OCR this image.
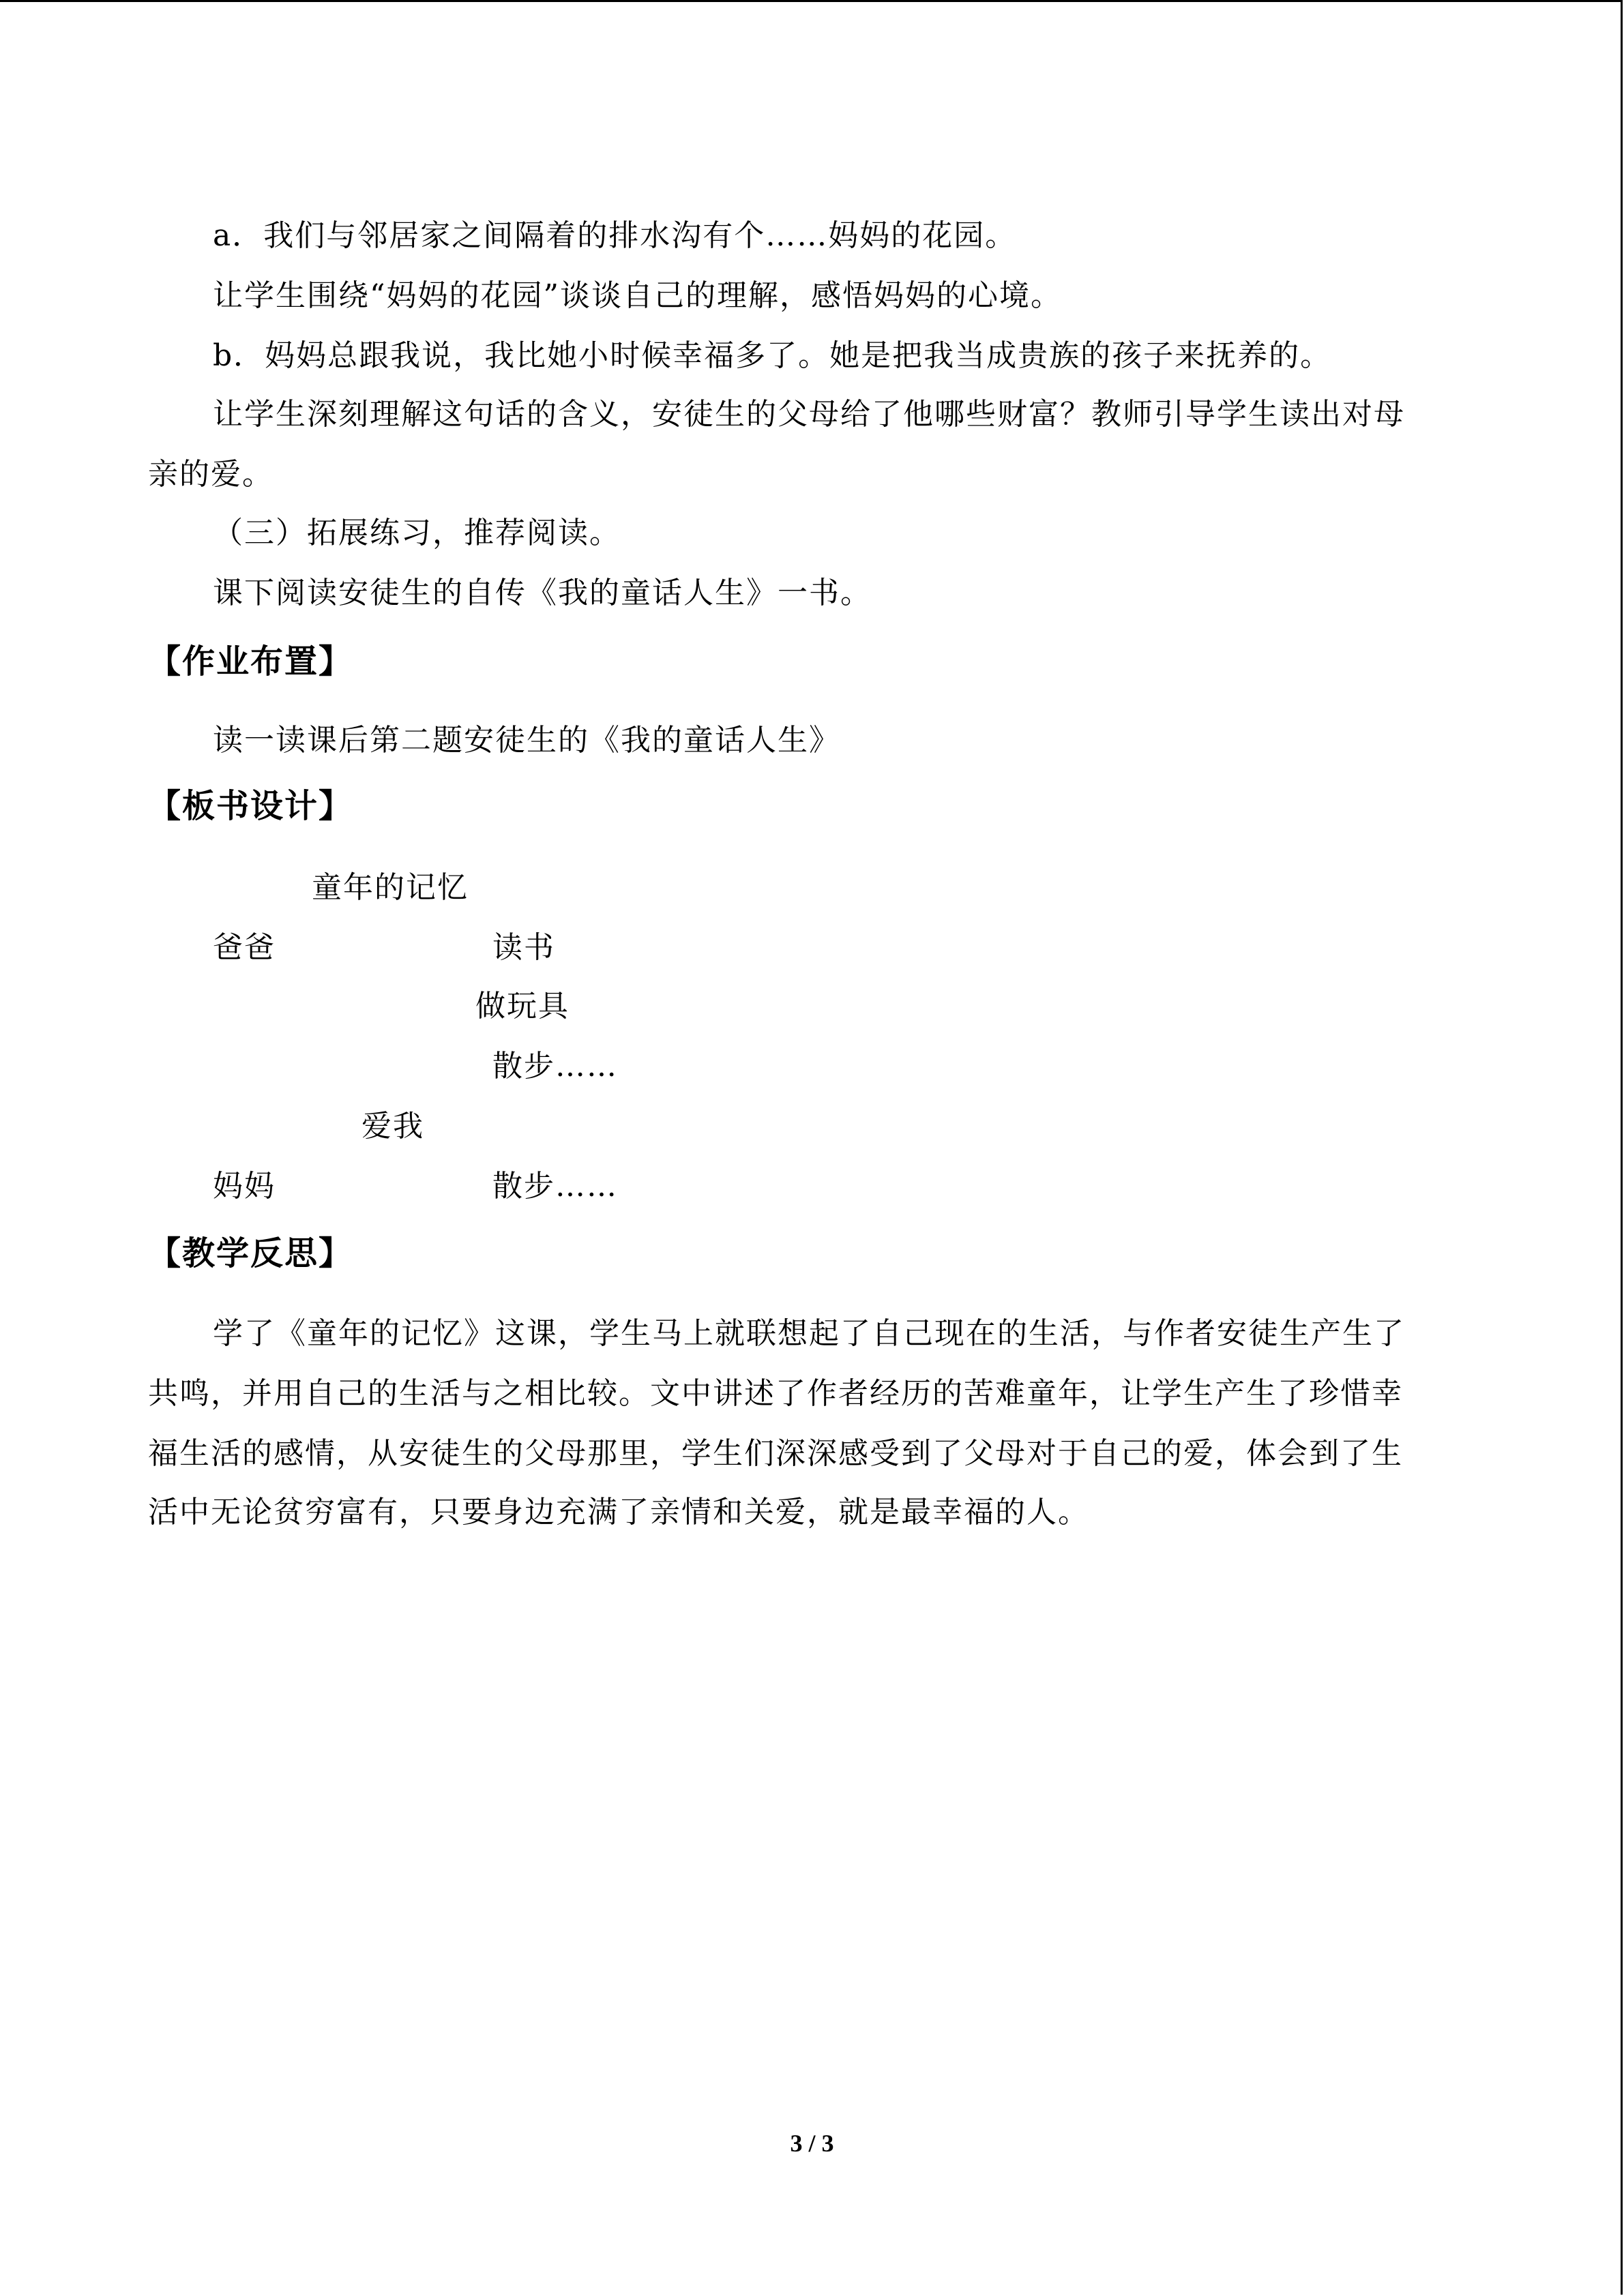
a．我们与邻居家之间隔着的排水沟有个……妈妈的花园。
让学生围绕“妈妈的花园”谈谈自己的理解，感悟妈妈的心境。
b．妈妈总跟我说，我比她小时候幸福多了。她是把我当成贵族的孩子来抚养的。
让学生深刻理解这句话的含义，安徒生的父母给了他哪些财富？教师引导学生读出对母
亲的爱。
（三）拓展练习，推荐阅读。
课下阅读安徒生的自传《我的童话人生》一书。
【作业布置】
读一读课后第二题安徒生的《我的童话人生》
【板书设计】
童年的记忆
爸爸	读书
做玩具
散步……
爱我
妈妈	散步……
【教学反思】
学了《童年的记忆》这课，学生马上就联想起了自己现在的生活，与作者安徒生产生了
共鸣，并用自己的生活与之相比较。文中讲述了作者经历的苦难童年，让学生产生了珍惜幸
福生活的感情，从安徒生的父母那里，学生们深深感受到了父母对于自己的爱，体会到了生
活中无论贫穷富有，只要身边充满了亲情和关爱，就是最幸福的人。
3 / 3
